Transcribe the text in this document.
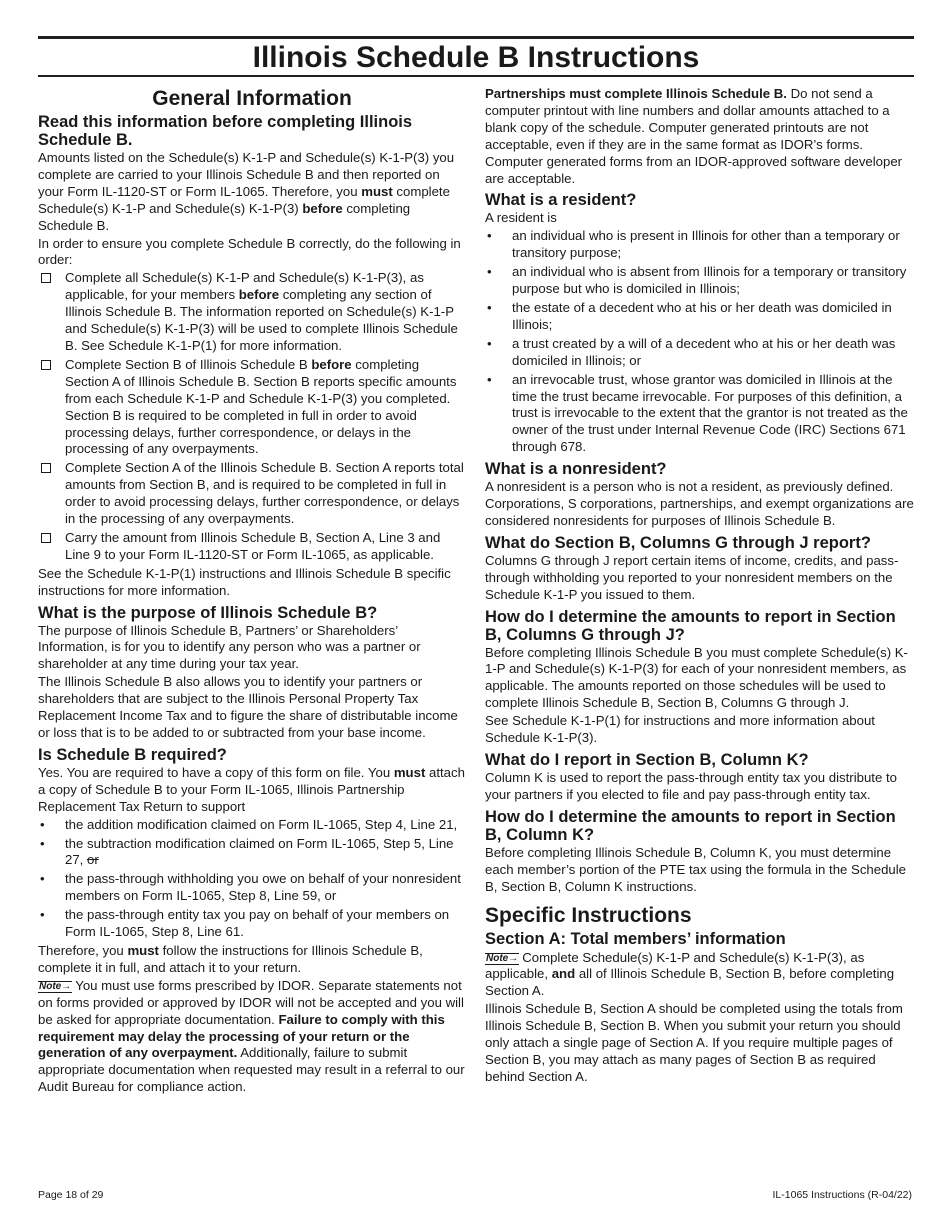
Illinois Schedule B Instructions
General Information
Read this information before completing Illinois Schedule B.

Amounts listed on the Schedule(s) K-1-P and Schedule(s) K-1-P(3) you complete are carried to your Illinois Schedule B and then reported on your Form IL-1120-ST or Form IL-1065. Therefore, you must complete Schedule(s) K-1-P and Schedule(s) K-1-P(3) before completing Schedule B.

In order to ensure you complete Schedule B correctly, do the following in order:

Complete all Schedule(s) K-1-P and Schedule(s) K-1-P(3), as applicable, for your members before completing any section of Illinois Schedule B. The information reported on Schedule(s) K-1-P and Schedule(s) K-1-P(3) will be used to complete Illinois Schedule B. See Schedule K-1-P(1) for more information.
Complete Section B of Illinois Schedule B before completing Section A of Illinois Schedule B. Section B reports specific amounts from each Schedule K-1-P and Schedule K-1-P(3) you completed. Section B is required to be completed in full in order to avoid processing delays, further correspondence, or delays in the processing of any overpayments.
Complete Section A of the Illinois Schedule B. Section A reports total amounts from Section B, and is required to be completed in full in order to avoid processing delays, further correspondence, or delays in the processing of any overpayments.
Carry the amount from Illinois Schedule B, Section A, Line 3 and Line 9 to your Form IL-1120-ST or Form IL-1065, as applicable.

See the Schedule K-1-P(1) instructions and Illinois Schedule B specific instructions for more information.

What is the purpose of Illinois Schedule B?

The purpose of Illinois Schedule B, Partners’ or Shareholders’ Information, is for you to identify any person who was a partner or shareholder at any time during your tax year.

The Illinois Schedule B also allows you to identify your partners or shareholders that are subject to the Illinois Personal Property Tax Replacement Income Tax and to figure the share of distributable income or loss that is to be added to or subtracted from your base income.

Is Schedule B required?

Yes. You are required to have a copy of this form on file. You must attach a copy of Schedule B to your Form IL-1065, Illinois Partnership Replacement Tax Return to support

• the addition modification claimed on Form IL-1065, Step 4, Line 21,
• the subtraction modification claimed on Form IL-1065, Step 5, Line 27, or
• the pass-through withholding you owe on behalf of your nonresident members on Form IL-1065, Step 8, Line 59, or
• the pass-through entity tax you pay on behalf of your members on Form IL-1065, Step 8, Line 61.

Therefore, you must follow the instructions for Illinois Schedule B, complete it in full, and attach it to your return.

Note→ You must use forms prescribed by IDOR. Separate statements not on forms provided or approved by IDOR will not be accepted and you will be asked for appropriate documentation. Failure to comply with this requirement may delay the processing of your return or the generation of any overpayment. Additionally, failure to submit appropriate documentation when requested may result in a referral to our Audit Bureau for compliance action.

Partnerships must complete Illinois Schedule B. Do not send a computer printout with line numbers and dollar amounts attached to a blank copy of the schedule. Computer generated printouts are not acceptable, even if they are in the same format as IDOR’s forms. Computer generated forms from an IDOR-approved software developer are acceptable.

What is a resident?

A resident is

• an individual who is present in Illinois for other than a temporary or transitory purpose;
• an individual who is absent from Illinois for a temporary or transitory purpose but who is domiciled in Illinois;
• the estate of a decedent who at his or her death was domiciled in Illinois;
• a trust created by a will of a decedent who at his or her death was domiciled in Illinois; or
• an irrevocable trust, whose grantor was domiciled in Illinois at the time the trust became irrevocable. For purposes of this definition, a trust is irrevocable to the extent that the grantor is not treated as the owner of the trust under Internal Revenue Code (IRC) Sections 671 through 678.
What is a nonresident?

A nonresident is a person who is not a resident, as previously defined. Corporations, S corporations, partnerships, and exempt organizations are considered nonresidents for purposes of Illinois Schedule B.

What do Section B, Columns G through J report?

Columns G through J report certain items of income, credits, and pass-through withholding you reported to your nonresident members on the Schedule K-1-P you issued to them.

How do I determine the amounts to report in Section B, Columns G through J?

Before completing Illinois Schedule B you must complete Schedule(s) K-1-P and Schedule(s) K-1-P(3) for each of your nonresident members, as applicable. The amounts reported on those schedules will be used to complete Illinois Schedule B, Section B, Columns G through J.

See Schedule K-1-P(1) for instructions and more information about Schedule K-1-P(3).

What do I report in Section B, Column K?

Column K is used to report the pass-through entity tax you distribute to your partners if you elected to file and pay pass-through entity tax.

How do I determine the amounts to report in Section B, Column K?

Before completing Illinois Schedule B, Column K, you must determine each member’s portion of the PTE tax using the formula in the Schedule B, Section B, Column K instructions.

Specific Instructions
Section A: Total members’ information

Note→ Complete Schedule(s) K-1-P and Schedule(s) K-1-P(3), as applicable, and all of Illinois Schedule B, Section B, before completing Section A.

Illinois Schedule B, Section A should be completed using the totals from Illinois Schedule B, Section B. When you submit your return you should only attach a single page of Section A. If you require multiple pages of Section B, you may attach as many pages of Section B as required behind Section A.

Page 18 of 29	IL-1065 Instructions (R-04/22)
